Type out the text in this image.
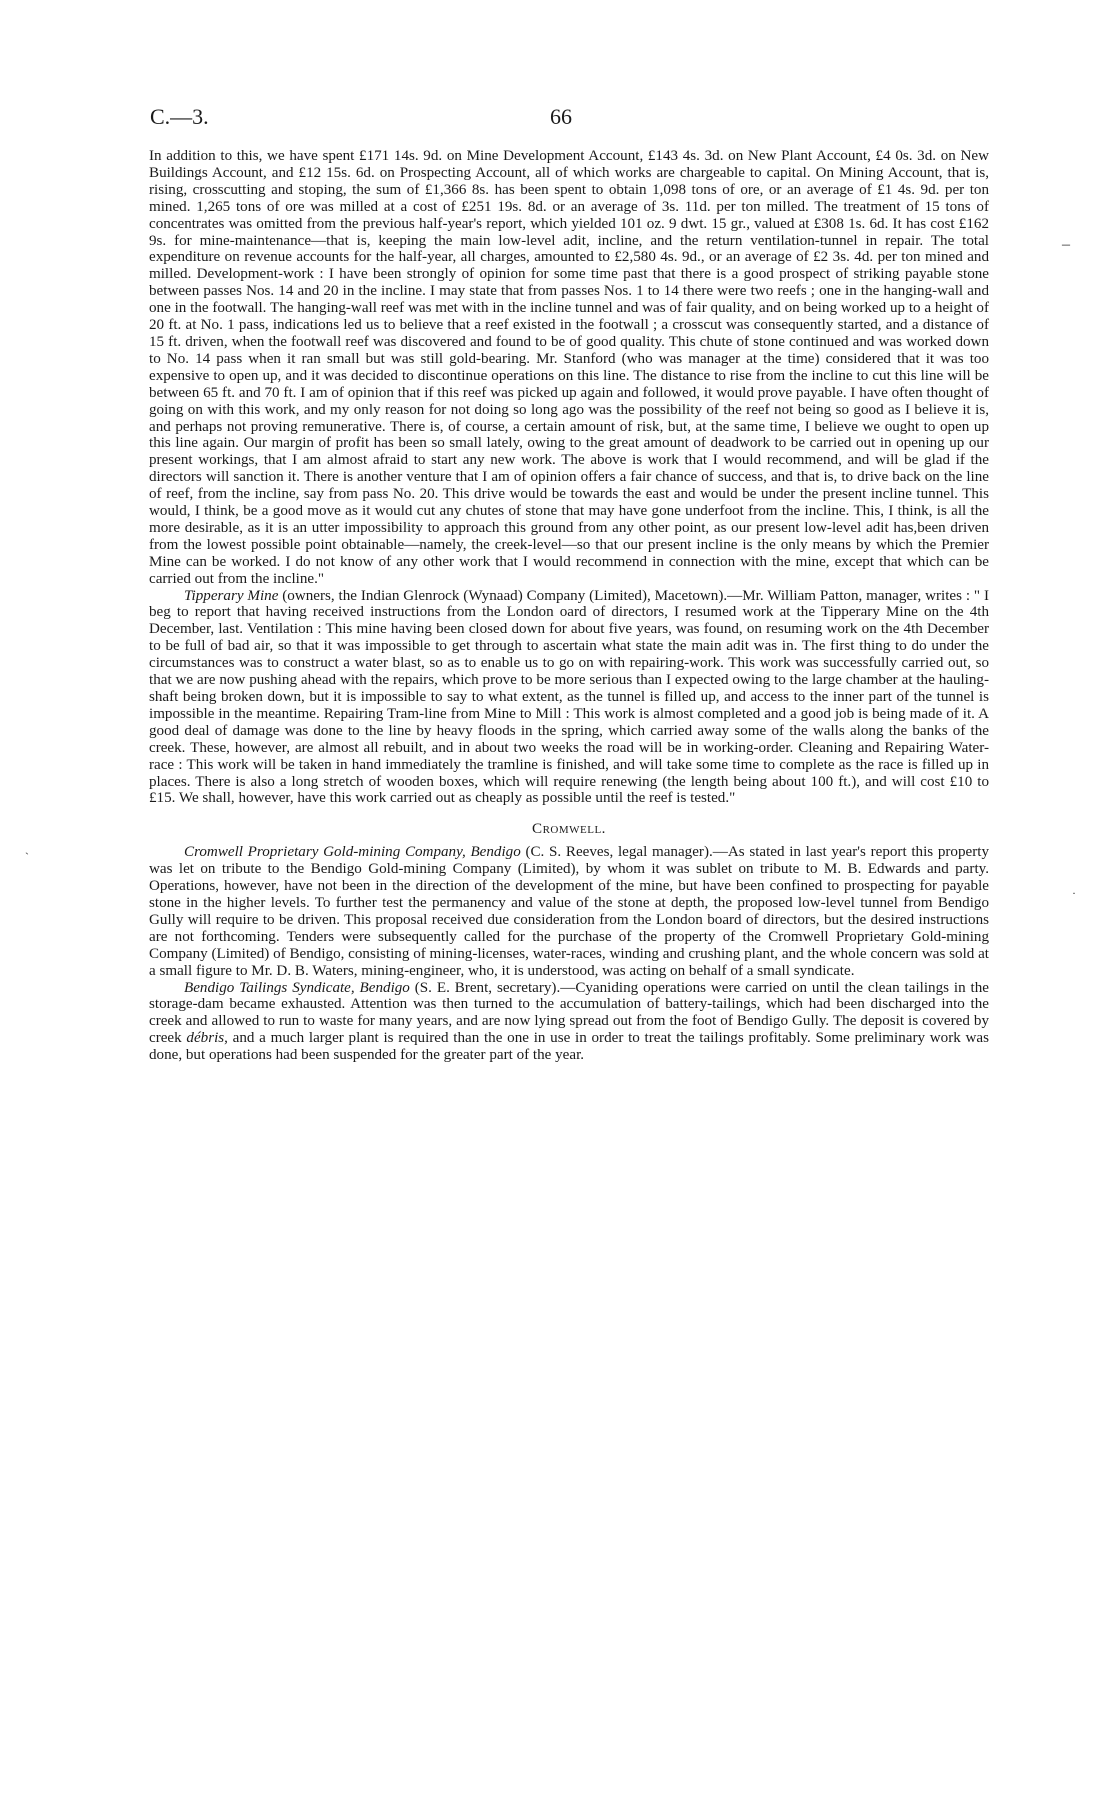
C.—3.	66

In addition to this, we have spent £171 14s. 9d. on Mine Development Account, £143 4s. 3d. on New Plant Account, £4 0s. 3d. on New Buildings Account, and £12 15s. 6d. on Prospecting Account, all of which works are chargeable to capital. On Mining Account, that is, rising, crosscutting and stoping, the sum of £1,366 8s. has been spent to obtain 1,098 tons of ore, or an average of £1 4s. 9d. per ton mined. 1,265 tons of ore was milled at a cost of £251 19s. 8d. or an average of 3s. 11d. per ton milled. The treatment of 15 tons of concentrates was omitted from the previous half-year's report, which yielded 101 oz. 9 dwt. 15 gr., valued at £308 1s. 6d. It has cost £162 9s. for mine-maintenance—that is, keeping the main low-level adit, incline, and the return ventilation-tunnel in repair. The total expenditure on revenue accounts for the half-year, all charges, amounted to £2,580 4s. 9d., or an average of £2 3s. 4d. per ton mined and milled. Development-work : I have been strongly of opinion for some time past that there is a good prospect of striking payable stone between passes Nos. 14 and 20 in the incline. I may state that from passes Nos. 1 to 14 there were two reefs ; one in the hanging-wall and one in the footwall. The hanging-wall reef was met with in the incline tunnel and was of fair quality, and on being worked up to a height of 20 ft. at No. 1 pass, indications led us to believe that a reef existed in the footwall ; a crosscut was consequently started, and a distance of 15 ft. driven, when the footwall reef was discovered and found to be of good quality. This chute of stone continued and was worked down to No. 14 pass when it ran small but was still gold-bearing. Mr. Stanford (who was manager at the time) considered that it was too expensive to open up, and it was decided to discontinue operations on this line. The distance to rise from the incline to cut this line will be between 65 ft. and 70 ft. I am of opinion that if this reef was picked up again and followed, it would prove payable. I have often thought of going on with this work, and my only reason for not doing so long ago was the possibility of the reef not being so good as I believe it is, and perhaps not proving remunerative. There is, of course, a certain amount of risk, but, at the same time, I believe we ought to open up this line again. Our margin of profit has been so small lately, owing to the great amount of deadwork to be carried out in opening up our present workings, that I am almost afraid to start any new work. The above is work that I would recommend, and will be glad if the directors will sanction it. There is another venture that I am of opinion offers a fair chance of success, and that is, to drive back on the line of reef, from the incline, say from pass No. 20. This drive would be towards the east and would be under the present incline tunnel. This would, I think, be a good move as it would cut any chutes of stone that may have gone underfoot from the incline. This, I think, is all the more desirable, as it is an utter impossibility to approach this ground from any other point, as our present low-level adit has,been driven from the lowest possible point obtainable—namely, the creek-level—so that our present incline is the only means by which the Premier Mine can be worked. I do not know of any other work that I would recommend in connection with the mine, except that which can be carried out from the incline."

Tipperary Mine (owners, the Indian Glenrock (Wynaad) Company (Limited), Macetown).—Mr. William Patton, manager, writes : " I beg to report that having received instructions from the London oard of directors, I resumed work at the Tipperary Mine on the 4th December, last. Ventilation : This mine having been closed down for about five years, was found, on resuming work on the 4th December to be full of bad air, so that it was impossible to get through to ascertain what state the main adit was in. The first thing to do under the circumstances was to construct a water blast, so as to enable us to go on with repairing-work. This work was successfully carried out, so that we are now pushing ahead with the repairs, which prove to be more serious than I expected owing to the large chamber at the hauling-shaft being broken down, but it is impossible to say to what extent, as the tunnel is filled up, and access to the inner part of the tunnel is impossible in the meantime. Repairing Tram-line from Mine to Mill : This work is almost completed and a good job is being made of it. A good deal of damage was done to the line by heavy floods in the spring, which carried away some of the walls along the banks of the creek. These, however, are almost all rebuilt, and in about two weeks the road will be in working-order. Cleaning and Repairing Water-race : This work will be taken in hand immediately the tramline is finished, and will take some time to complete as the race is filled up in places. There is also a long stretch of wooden boxes, which will require renewing (the length being about 100 ft.), and will cost £10 to £15. We shall, however, have this work carried out as cheaply as possible until the reef is tested."

Cromwell.

Cromwell Proprietary Gold-mining Company, Bendigo (C. S. Reeves, legal manager).—As stated in last year's report this property was let on tribute to the Bendigo Gold-mining Company (Limited), by whom it was sublet on tribute to M. B. Edwards and party. Operations, however, have not been in the direction of the development of the mine, but have been confined to prospecting for payable stone in the higher levels. To further test the permanency and value of the stone at depth, the proposed low-level tunnel from Bendigo Gully will require to be driven. This proposal received due consideration from the London board of directors, but the desired instructions are not forthcoming. Tenders were subsequently called for the purchase of the property of the Cromwell Proprietary Gold-mining Company (Limited) of Bendigo, consisting of mining-licenses, water-races, winding and crushing plant, and the whole concern was sold at a small figure to Mr. D. B. Waters, mining-engineer, who, it is understood, was acting on behalf of a small syndicate.

Bendigo Tailings Syndicate, Bendigo (S. E. Brent, secretary).—Cyaniding operations were carried on until the clean tailings in the storage-dam became exhausted. Attention was then turned to the accumulation of battery-tailings, which had been discharged into the creek and allowed to run to waste for many years, and are now lying spread out from the foot of Bendigo Gully. The deposit is covered by creek débris, and a much larger plant is required than the one in use in order to treat the tailings profitably. Some preliminary work was done, but operations had been suspended for the greater part of the year.

–
`
·
